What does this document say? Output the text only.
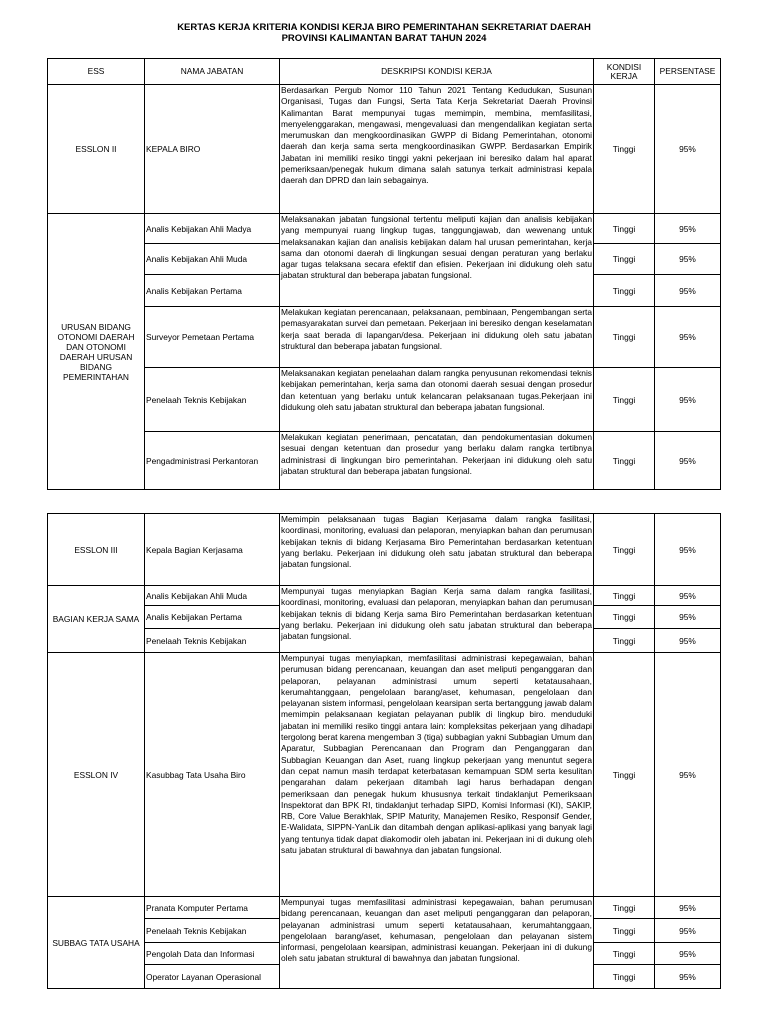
KERTAS KERJA KRITERIA KONDISI KERJA BIRO PEMERINTAHAN SEKRETARIAT DAERAH
PROVINSI KALIMANTAN BARAT TAHUN 2024
ESS	NAMA JABATAN	DESKRIPSI KONDISI KERJA	KONDISI KERJA	PERSENTASE
ESSLON II	KEPALA BIRO	Berdasarkan Pergub Nomor 110 Tahun 2021 Tentang Kedudukan, Susunan Organisasi, Tugas dan Fungsi, Serta Tata Kerja Sekretariat Daerah Provinsi Kalimantan Barat mempunyai tugas memimpin, membina, memfasilitasi, menyelenggarakan, mengawasi, mengevaluasi dan mengendalikan kegiatan serta merumuskan dan mengkoordinasikan GWPP di Bidang Pemerintahan, otonomi daerah dan kerja sama serta mengkoordinasikan GWPP. Berdasarkan Empirik Jabatan ini memiliki resiko tinggi yakni pekerjaan ini beresiko dalam hal aparat pemeriksaan/penegak hukum dimana salah satunya terkait administrasi kepala daerah dan DPRD dan lain sebagainya.	Tinggi	95%
URUSAN BIDANG OTONOMI DAERAH DAN OTONOMI DAERAH URUSAN BIDANG PEMERINTAHAN	Analis Kebijakan Ahli Madya	Melaksanakan jabatan fungsional tertentu meliputi kajian dan analisis kebijakan yang mempunyai ruang lingkup tugas, tanggungjawab, dan wewenang untuk melaksanakan kajian dan analisis kebijakan dalam hal urusan pemerintahan, kerja sama dan otonomi daerah di lingkungan sesuai dengan peraturan yang berlaku agar tugas telaksana secara efektif dan efisien. Pekerjaan ini didukung oleh satu jabatan struktural dan beberapa jabatan fungsional.	Tinggi	95%
	Analis Kebijakan Ahli Muda		Tinggi	95%
	Analis Kebijakan Pertama		Tinggi	95%
	Surveyor Pemetaan Pertama	Melakukan kegiatan perencanaan, pelaksanaan, pembinaan, Pengembangan serta pemasyarakatan survei dan pemetaan. Pekerjaan ini beresiko dengan keselamatan kerja saat berada di lapangan/desa. Pekerjaan ini didukung oleh satu jabatan struktural dan beberapa jabatan fungsional.	Tinggi	95%
	Penelaah Teknis Kebijakan	Melaksanakan kegiatan penelaahan dalam rangka penyusunan rekomendasi teknis kebijakan pemerintahan, kerja sama dan otonomi daerah sesuai dengan prosedur dan ketentuan yang berlaku untuk kelancaran pelaksanaan tugas.Pekerjaan ini didukung oleh satu jabatan struktural dan beberapa jabatan fungsional.	Tinggi	95%
	Pengadministrasi Perkantoran	Melakukan kegiatan penerimaan, pencatatan, dan pendokumentasian dokumen sesuai dengan ketentuan dan prosedur yang berlaku dalam rangka tertibnya administrasi di lingkungan biro pemerintahan. Pekerjaan ini didukung oleh satu jabatan struktural dan beberapa jabatan fungsional.	Tinggi	95%
ESSLON III	Kepala Bagian Kerjasama	Memimpin pelaksanaan tugas Bagian Kerjasama dalam rangka fasilitasi, koordinasi, monitoring, evaluasi dan pelaporan, menyiapkan bahan dan perumusan kebijakan teknis di bidang Kerjasama Biro Pemerintahan berdasarkan ketentuan yang berlaku. Pekerjaan ini didukung oleh satu jabatan struktural dan beberapa jabatan fungsional.	Tinggi	95%
BAGIAN KERJA SAMA	Analis Kebijakan Ahli Muda	Mempunyai tugas menyiapkan Bagian Kerja sama dalam rangka fasilitasi, koordinasi, monitoring, evaluasi dan pelaporan, menyiapkan bahan dan perumusan kebijakan teknis di bidang Kerja sama Biro Pemerintahan berdasarkan ketentuan yang berlaku. Pekerjaan ini didukung oleh satu jabatan struktural dan beberapa jabatan fungsional.	Tinggi	95%
	Analis Kebijakan Pertama		Tinggi	95%
	Penelaah Teknis Kebijakan		Tinggi	95%
ESSLON IV	Kasubbag Tata Usaha Biro	Mempunyai tugas menyiapkan, memfasilitasi administrasi kepegawaian, bahan perumusan bidang perencanaan, keuangan dan aset meliputi penganggaran dan pelaporan, pelayanan administrasi umum seperti ketatausahaan, kerumahtanggaan, pengelolaan barang/aset, kehumasan, pengelolaan dan pelayanan sistem informasi, pengelolaan kearsipan serta bertanggung jawab dalam memimpin pelaksanaan kegiatan pelayanan publik di lingkup biro. menduduki jabatan ini memiliki resiko tinggi antara lain: kompleksitas pekerjaan yang dihadapi tergolong berat karena mengemban 3 (tiga) subbagian yakni Subbagian Umum dan Aparatur, Subbagian Perencanaan dan Program dan Penganggaran dan Subbagian Keuangan dan Aset, ruang lingkup pekerjaan yang menuntut segera dan cepat namun masih terdapat keterbatasan kemampuan SDM serta kesulitan pengarahan dalam pekerjaan ditambah lagi harus berhadapan dengan pemeriksaan dan penegak hukum khususnya terkait tindaklanjut Pemeriksaan Inspektorat dan BPK RI, tindaklanjut terhadap SIPD, Komisi Informasi (KI), SAKIP, RB, Core Value Berakhlak, SPIP Maturity, Manajemen Resiko, Responsif Gender, E-Walidata, SIPPN-YanLik dan ditambah dengan aplikasi-aplikasi yang banyak lagi yang tentunya tidak dapat diakomodir oleh jabatan ini. Pekerjaan ini di dukung oleh satu jabatan struktural di bawahnya dan jabatan fungsional.	Tinggi	95%
SUBBAG TATA USAHA	Pranata Komputer Pertama	Mempunyai tugas memfasilitasi administrasi kepegawaian, bahan perumusan bidang perencanaan, keuangan dan aset meliputi penganggaran dan pelaporan, pelayanan administrasi umum seperti ketatausahaan, kerumahtanggaan, pengelolaan barang/aset, kehumasan, pengelolaan dan pelayanan sistem informasi, pengelolaan kearsipan, administrasi keuangan. Pekerjaan ini di dukung oleh satu jabatan struktural di bawahnya dan jabatan fungsional.	Tinggi	95%
	Penelaah Teknis Kebijakan		Tinggi	95%
	Pengolah Data dan Informasi		Tinggi	95%
	Operator Layanan Operasional		Tinggi	95%
